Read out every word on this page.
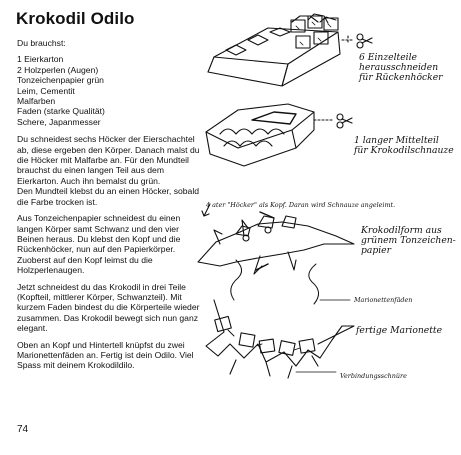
Krokodil Odilo

Du brauchst:

1 Eierkarton
2 Holzperlen (Augen)
Tonzeichenpapier grün
Leim, Cementit
Malfarben
Faden (starke Qualität)
Schere, Japanmesser

Du schneidest sechs Höcker der Eierschachtel ab, diese ergeben den Körper. Danach malst du die Höcker mit Malfarbe an. Für den Mundteil brauchst du einen langen Teil aus dem Eierkarton. Auch ihn bemalst du grün.

Den Mundteil klebst du an einen Höcker, sobald die Farbe trocken ist.

Aus Tonzeichenpapier schneidest du einen langen Körper samt Schwanz und den vier Beinen heraus. Du klebst den Kopf und die Rückenhöcker, nun auf den Papierkörper. Zuoberst auf den Kopf leimst du die Holzperlenaugen.

Jetzt schneidest du das Krokodil in drei Teile (Kopfteil, mittlerer Körper, Schwanzteil). Mit kurzem Faden bindest du die Körperteile wieder zusammen. Das Krokodil bewegt sich nun ganz elegant.

Oben an Kopf und Hintertell knüpfst du zwei Marionettenfäden an. Fertig ist dein Odilo. Viel Spass mit deinem Krokodildilo.

74
6 Einzelteile
herausschneiden
für Rückenhöcker
1 langer Mittelteil
für Krokodilschnauze
4 ater "Höcker" als Kopf. Daran wird Schnauze angeleimt.
Krokodilform aus
grünem Tonzeichen-
papier
Marionettenfäden
fertige Marionette
Verbindungsschnüre
